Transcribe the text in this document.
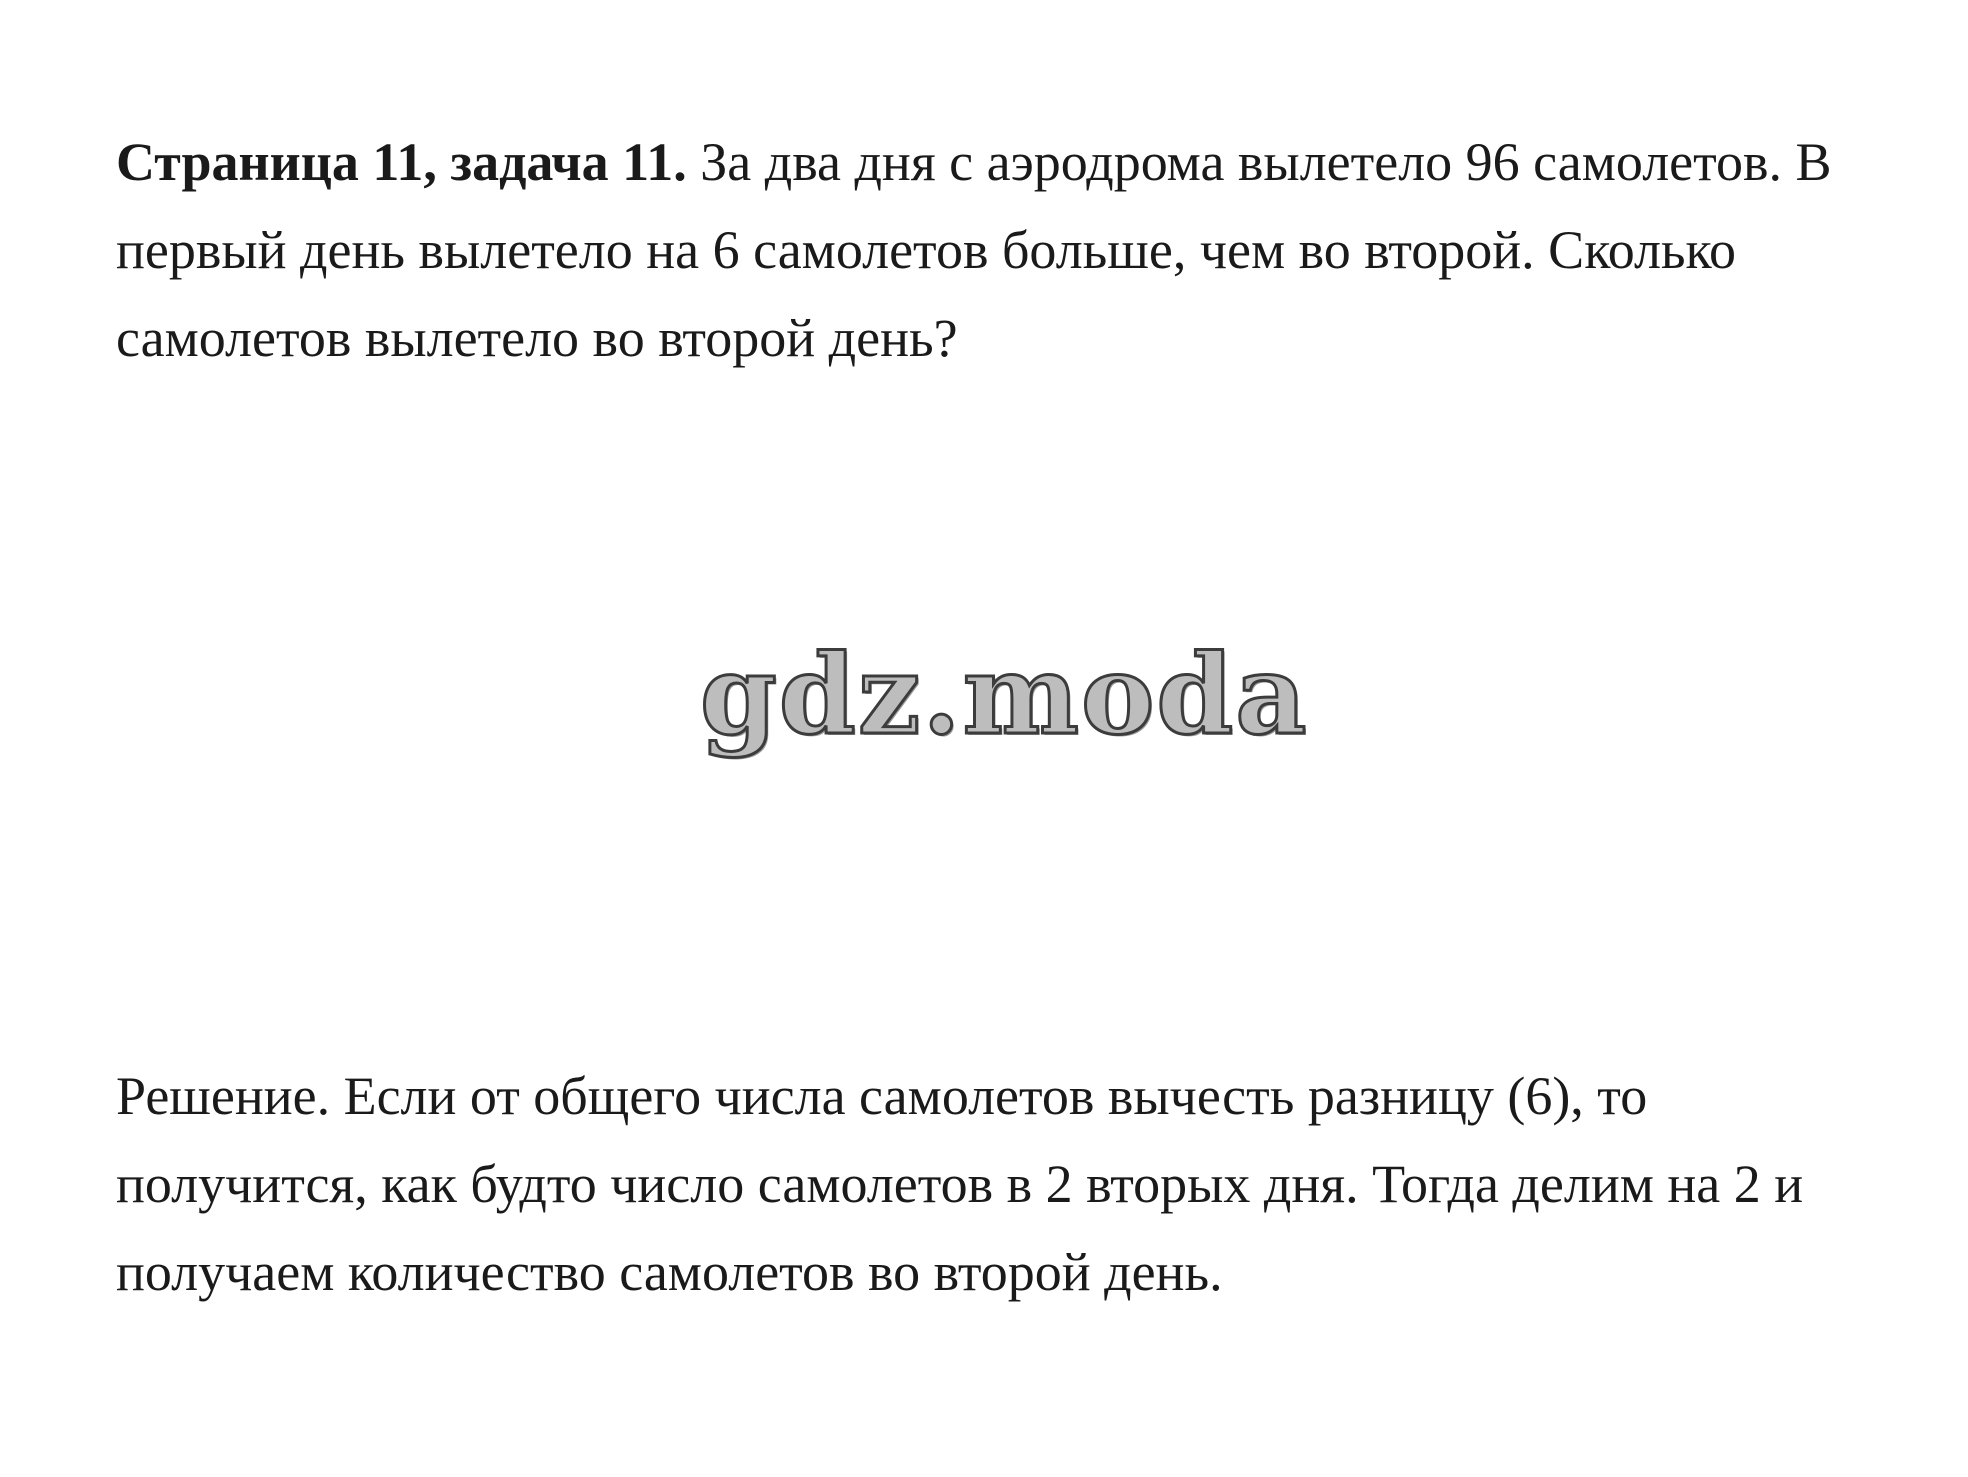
Страница 11, задача 11. За два дня с аэродрома вылетело 96 самолетов. В первый день вылетело на 6 самолетов больше, чем во второй. Сколько самолетов вылетело во второй день?

gdz.moda

Решение. Если от общего числа самолетов вычесть разницу (6), то получится, как будто число самолетов в 2 вторых дня. Тогда делим на 2 и получаем количество самолетов во второй день.
